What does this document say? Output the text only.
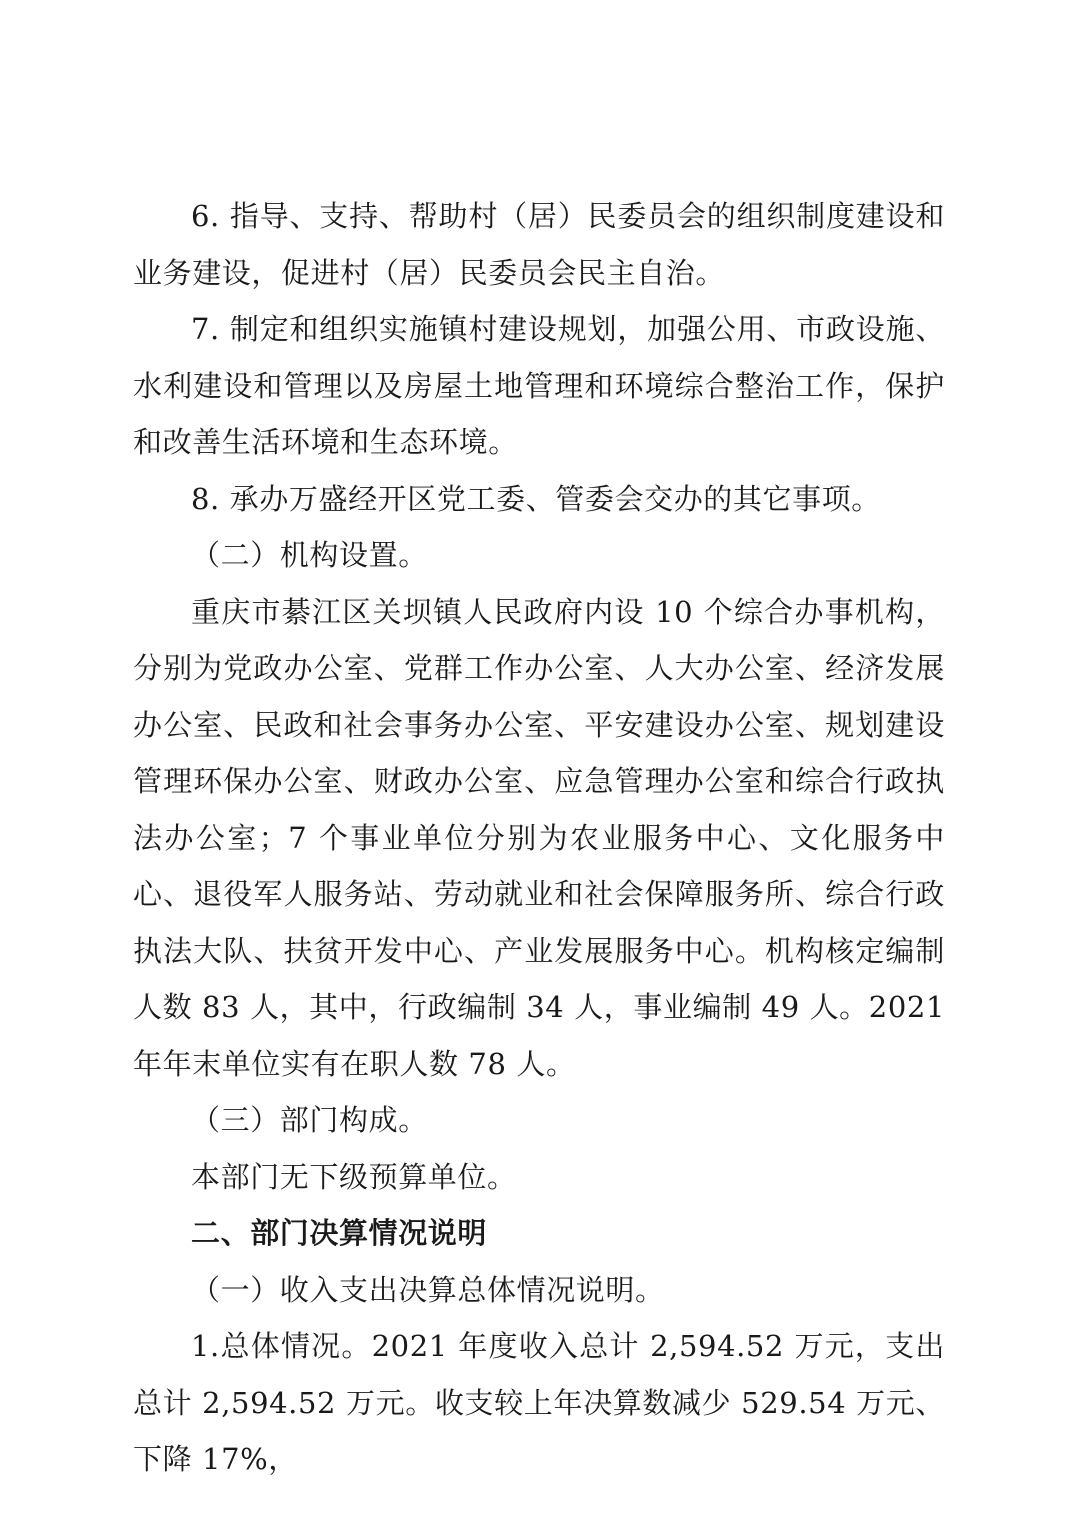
6. 指导、支持、帮助村（居）民委员会的组织制度建设和业务建设，促进村（居）民委员会民主自治。

7. 制定和组织实施镇村建设规划，加强公用、市政设施、水利建设和管理以及房屋土地管理和环境综合整治工作，保护和改善生活环境和生态环境。

8. 承办万盛经开区党工委、管委会交办的其它事项。

（二）机构设置。

重庆市綦江区关坝镇人民政府内设 10 个综合办事机构，分别为党政办公室、党群工作办公室、人大办公室、经济发展办公室、民政和社会事务办公室、平安建设办公室、规划建设管理环保办公室、财政办公室、应急管理办公室和综合行政执法办公室；7 个事业单位分别为农业服务中心、文化服务中心、退役军人服务站、劳动就业和社会保障服务所、综合行政执法大队、扶贫开发中心、产业发展服务中心。机构核定编制人数 83 人，其中，行政编制 34 人，事业编制 49 人。2021 年年末单位实有在职人数 78 人。

（三）部门构成。

本部门无下级预算单位。

二、部门决算情况说明

（一）收入支出决算总体情况说明。

1.总体情况。2021 年度收入总计 2,594.52 万元，支出总计 2,594.52 万元。收支较上年决算数减少 529.54 万元、下降 17%，
